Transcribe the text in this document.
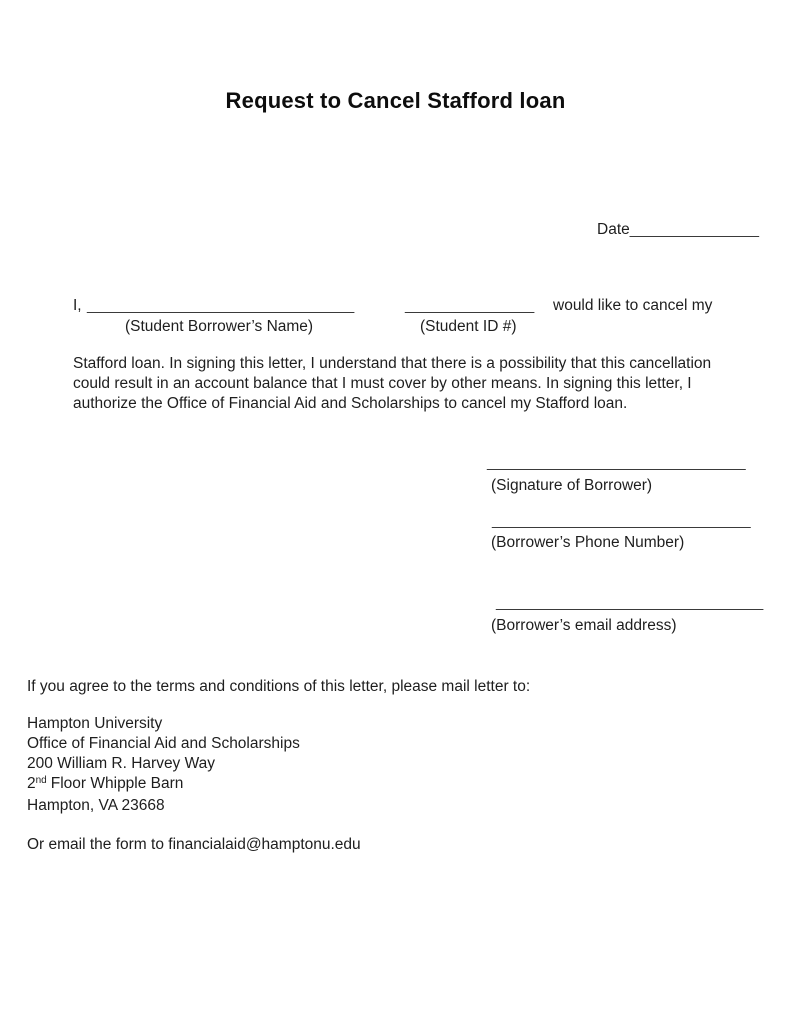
Request to Cancel Stafford loan
Date_______________
I, _______________________________	_______________ would like to cancel my
(Student Borrower’s Name)	(Student ID #)
Stafford loan. In signing this letter, I understand that there is a possibility that this cancellation
could result in an account balance that I must cover by other means. In signing this letter, I
authorize the Office of Financial Aid and Scholarships to cancel my Stafford loan.
______________________________
(Signature of Borrower)
______________________________
(Borrower’s Phone Number)
_______________________________
(Borrower’s email address)
If you agree to the terms and conditions of this letter, please mail letter to:
Hampton University
Office of Financial Aid and Scholarships
200 William R. Harvey Way
2nd Floor Whipple Barn
Hampton, VA 23668
Or email the form to financialaid@hamptonu.edu
